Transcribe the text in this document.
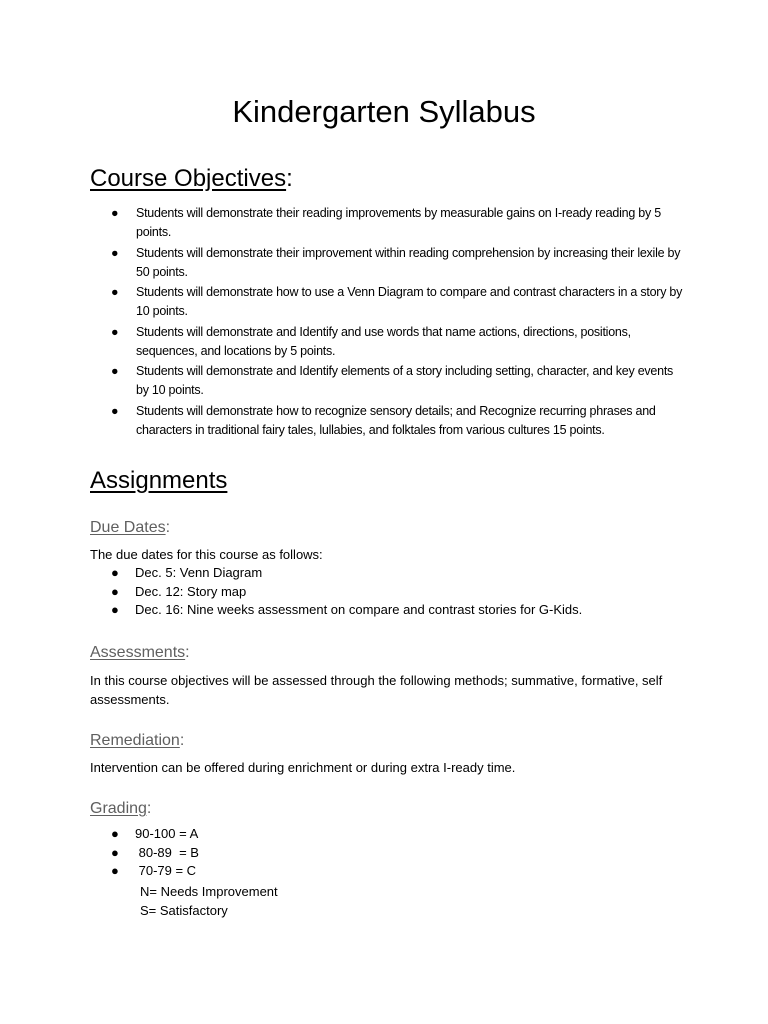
Kindergarten Syllabus
Course Objectives:
● Students will demonstrate their reading improvements by measurable gains on I-ready reading by 5 points.
● Students will demonstrate their improvement within reading comprehension by increasing their lexile by 50 points.
● Students will demonstrate how to use a Venn Diagram to compare and contrast characters in a story by 10 points.
● Students will demonstrate and Identify and use words that name actions, directions, positions, sequences, and locations by 5 points.
● Students will demonstrate and Identify elements of a story including setting, character, and key events by 10 points.
● Students will demonstrate how to recognize sensory details; and Recognize recurring phrases and characters in traditional fairy tales, lullabies, and folktales from various cultures 15 points.
Assignments
Due Dates:

The due dates for this course as follows:

● Dec. 5: Venn Diagram
● Dec. 12: Story map
● Dec. 16: Nine weeks assessment on compare and contrast stories for G-Kids.
Assessments:

In this course objectives will be assessed through the following methods; summative, formative, self assessments.

Remediation:

Intervention can be offered during enrichment or during extra I-ready time.

Grading:
● 90-100 = A
● 80-89  = B
● 70-79 = C
N= Needs Improvement
S= Satisfactory
